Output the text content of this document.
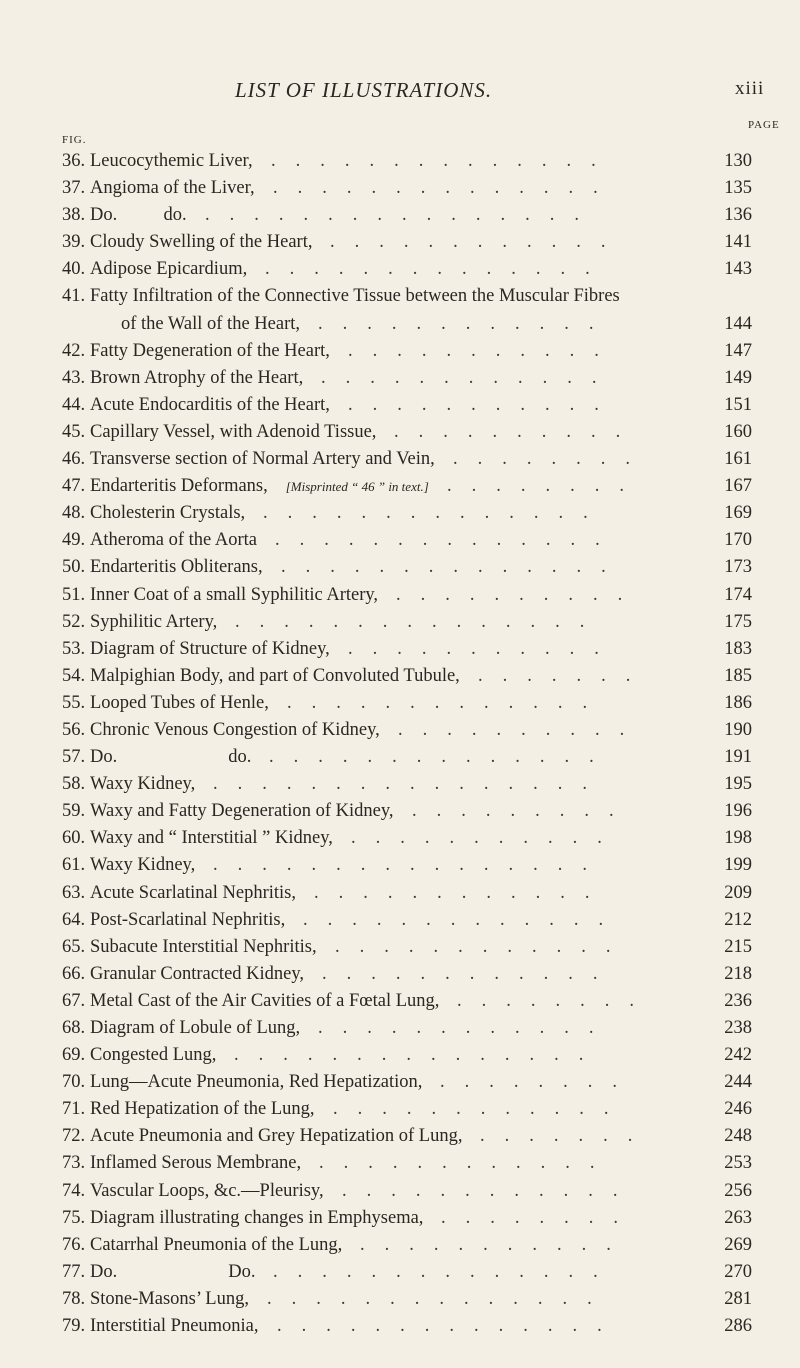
LIST OF ILLUSTRATIONS.	xiii
PAGE
FIG.
36. Leucocythemic Liver,	130
..............
37. Angioma of the Liver,	135
..............
38. Do.          do.	136
................
39. Cloudy Swelling of the Heart,	141
............
40. Adipose Epicardium,	143
..............
41. Fatty Infiltration of the Connective Tissue between the Muscular Fibres
of the Wall of the Heart,	144
............
42. Fatty Degeneration of the Heart,	147
...........
43. Brown Atrophy of the Heart,	149
............
44. Acute Endocarditis of the Heart,	151
...........
45. Capillary Vessel, with Adenoid Tissue,	160
..........
46. Transverse section of Normal Artery and Vein,	161
........
47. Endarteritis Deformans, [Misprinted “ 46 ” in text.]	167
........
48. Cholesterin Crystals,	169
..............
49. Atheroma of the Aorta	170
..............
50. Endarteritis Obliterans,	173
..............
51. Inner Coat of a small Syphilitic Artery,	174
..........
52. Syphilitic Artery,	175
...............
53. Diagram of Structure of Kidney,	183
...........
54. Malpighian Body, and part of Convoluted Tubule,	185
.......
55. Looped Tubes of Henle,	186
.............
56. Chronic Venous Congestion of Kidney,	190
..........
57. Do.                        do.	191
..............
58. Waxy Kidney,	195
................
59. Waxy and Fatty Degeneration of Kidney,	196
.........
60. Waxy and “ Interstitial ” Kidney,	198
...........
61. Waxy Kidney,	199
................
63. Acute Scarlatinal Nephritis,	209
............
64. Post-Scarlatinal Nephritis,	212
.............
65. Subacute Interstitial Nephritis,	215
............
66. Granular Contracted Kidney,	218
............
67. Metal Cast of the Air Cavities of a Fœtal Lung,	236
........
68. Diagram of Lobule of Lung,	238
............
69. Congested Lung,	242
...............
70. Lung—Acute Pneumonia, Red Hepatization,	244
........
71. Red Hepatization of the Lung,	246
............
72. Acute Pneumonia and Grey Hepatization of Lung,	248
.......
73. Inflamed Serous Membrane,	253
............
74. Vascular Loops, &c.—Pleurisy,	256
............
75. Diagram illustrating changes in Emphysema,	263
........
76. Catarrhal Pneumonia of the Lung,	269
...........
77. Do.                        Do.	270
..............
78. Stone-Masons’ Lung,	281
..............
79. Interstitial Pneumonia,	286
..............
